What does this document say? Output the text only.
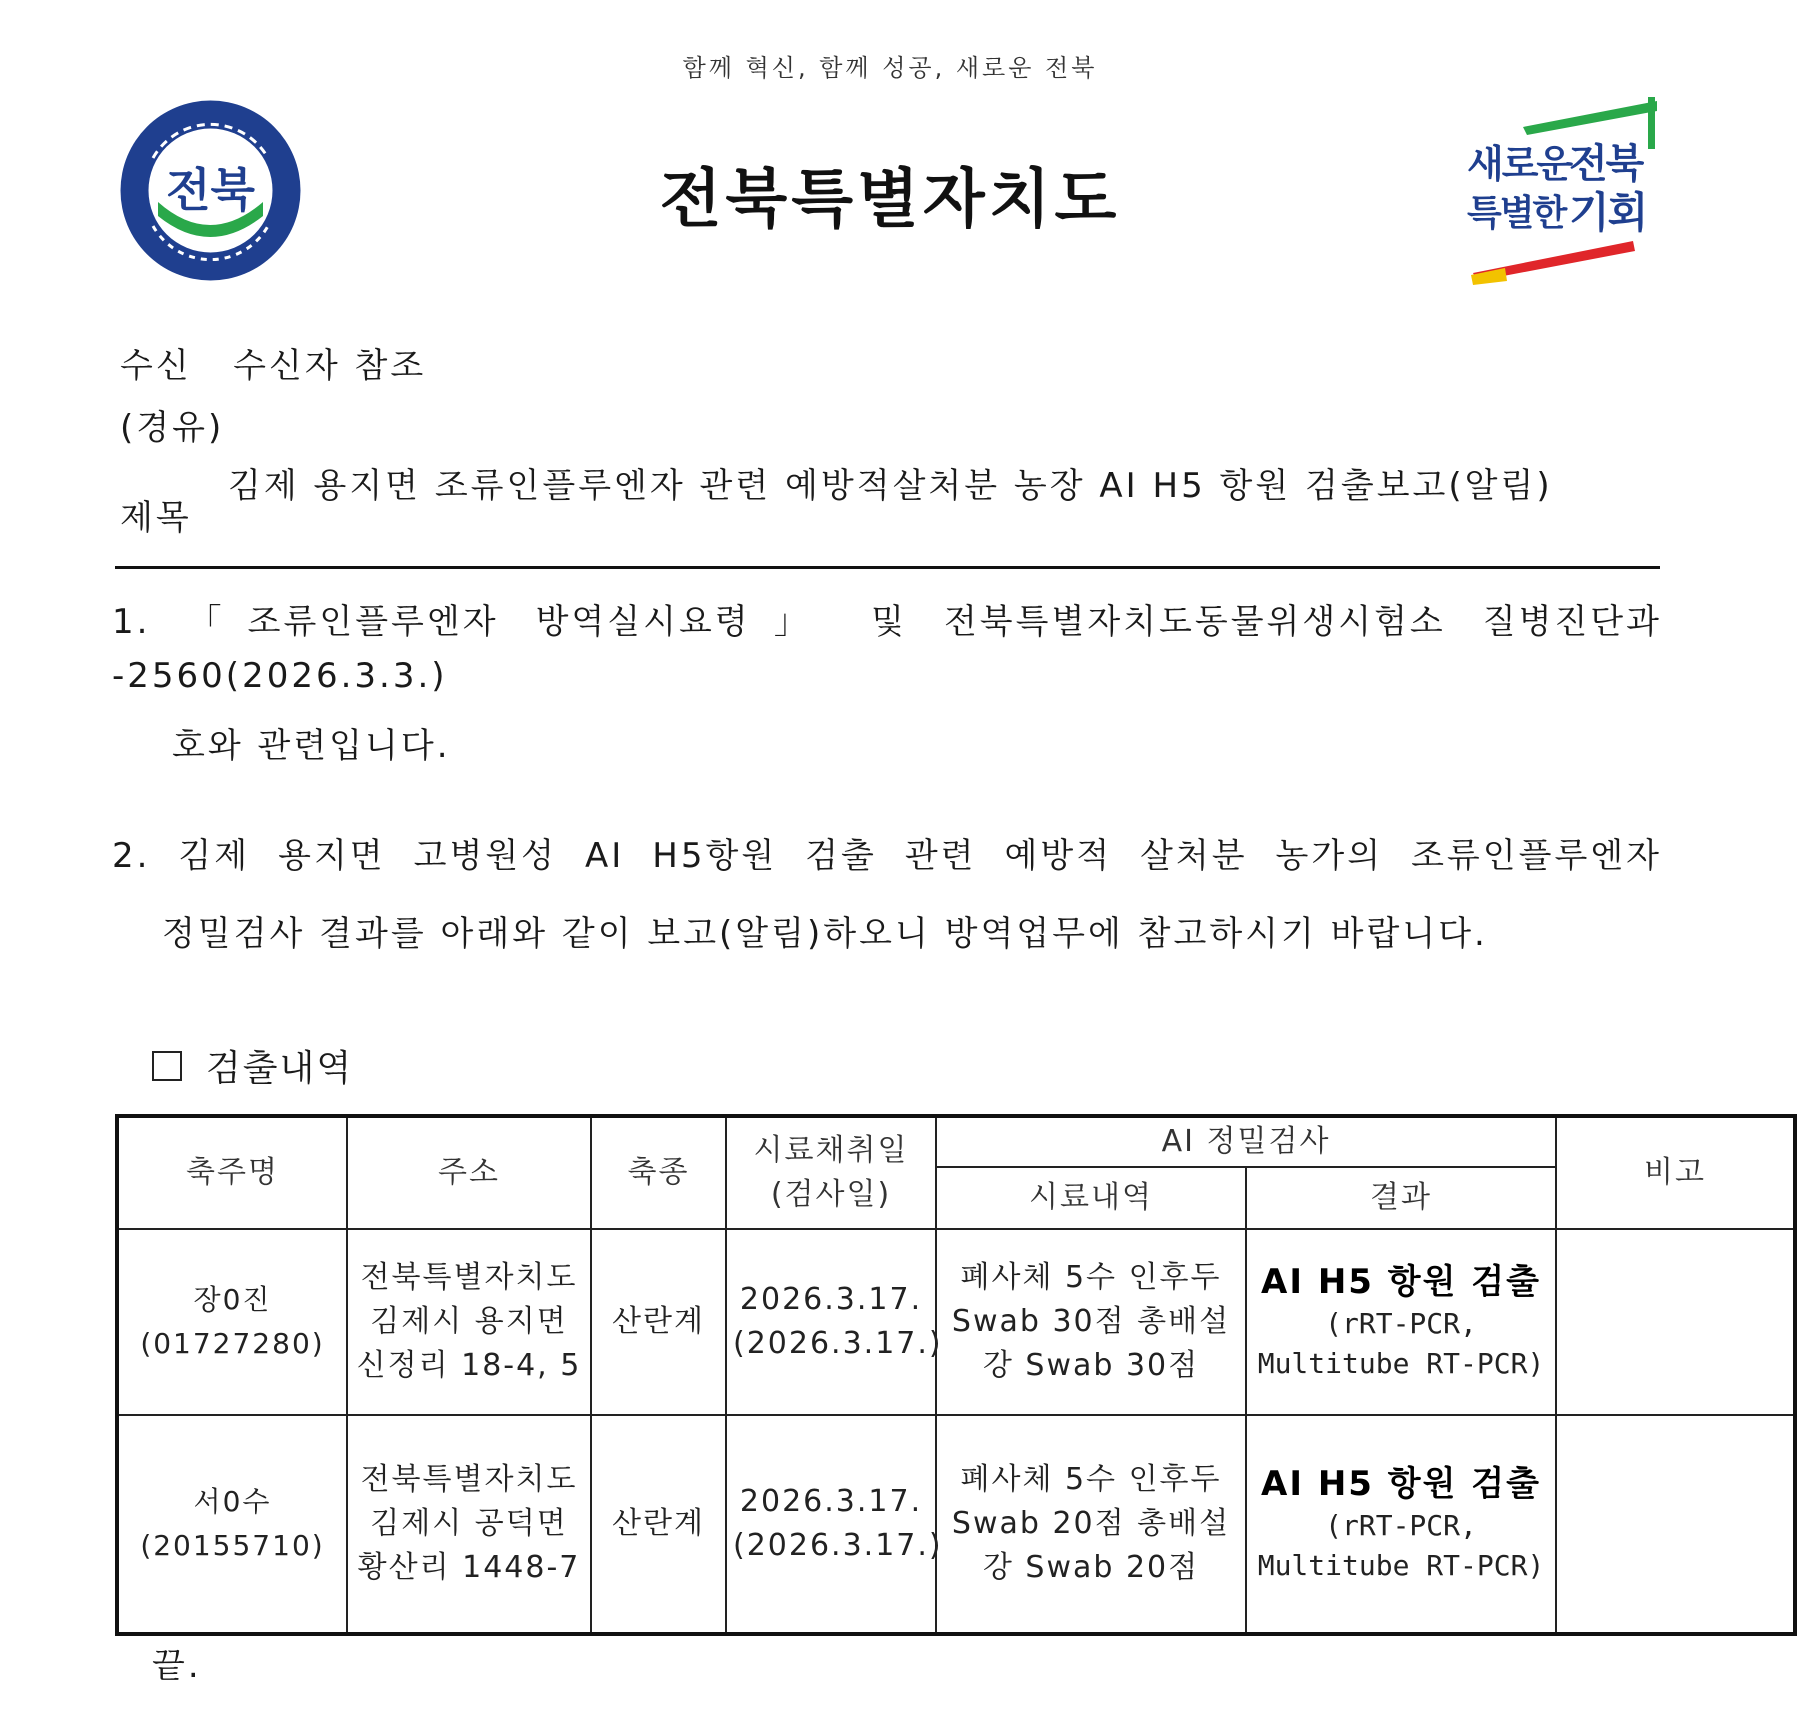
함께 혁신, 함께 성공, 새로운 전북
전북	전북특별자치도	새로운
전북
특별한 기회
수신 수신자 참조
(경유)
제목
김제 용지면 조류인플루엔자 관련 예방적살처분 농장 AI H5 항원 검출보고(알림)
1. 「조류인플루엔자 방역실시요령」 및 전북특별자치도동물위생시험소 질병진단과
-2560(2026.3.3.)
호와 관련입니다.
2. 김제 용지면 고병원성 AI H5항원 검출 관련 예방적 살처분 농가의 조류인플루엔자
정밀검사 결과를 아래와 같이 보고(알림)하오니 방역업무에 참고하시기 바랍니다.
검출내역
축주명	주소	축종	시료채취일 (검사일)	AI 정밀검사		비고
				시료내역	결과	
장0진 (01727280)	전북특별자치도 김제시 용지면 신정리 18-4, 5	산란계	2026.3.17. (2026.3.17.)	폐사체 5수 인후두 Swab 30점 총배설강 Swab 30점	AI H5 항원 검출
(rRT-PCR, Multitube RT-PCR)	

서0수 (20155710)	전북특별자치도 김제시 공덕면 황산리 1448-7	산란계	2026.3.17. (2026.3.17.)	폐사체 5수 인후두 Swab 20점 총배설강 Swab 20점	AI H5 항원 검출
(rRT-PCR, Multitube RT-PCR)	

끝.
